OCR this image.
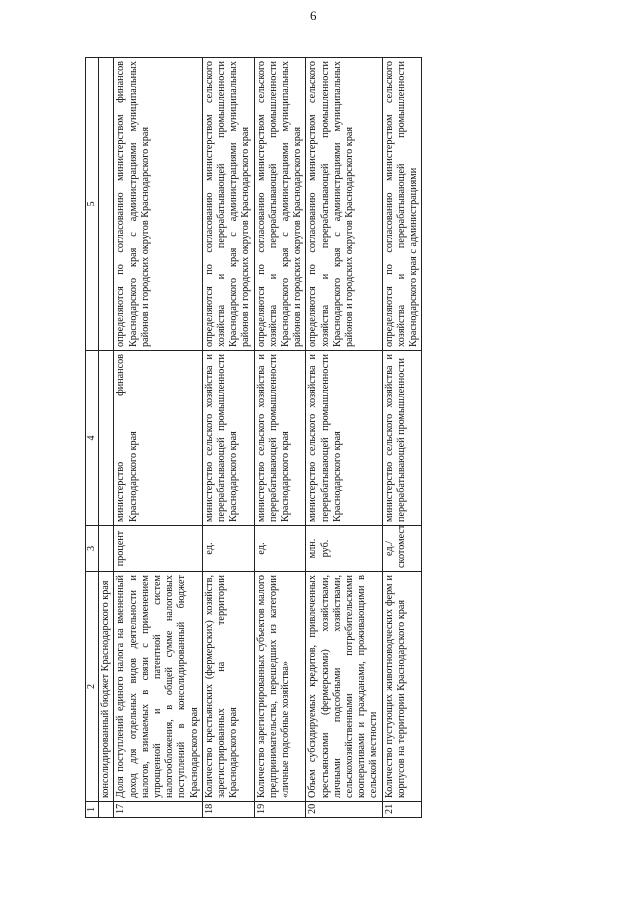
6
1	2	3	4	5
	консолидированный бюджет Краснодарского края			
17	Доля поступлений единого налога на вмененный доход для отдельных видов деятельности и налогов, взимаемых в связи с применением упрощенной и патентной систем налогообложения, в общей сумме налоговых поступлений в консолидированный бюджет Краснодарского края	процент	министерство финансов Краснодарского края	определяются по согласованию министерством финансов Краснодарского края с администрациями муниципальных районов и городских округов Краснодарского края
18	Количество крестьянских (фермерских) хозяйств, зарегистрированных на территории Краснодарского края	ед.	министерство сельского хозяйства и перерабатывающей промышленности Краснодарского края	определяются по согласованию министерством сельского хозяйства и перерабатывающей промышленности Краснодарского края с администрациями муниципальных районов и городских округов Краснодарского края
19	Количество зарегистрированных субъектов малого предпринимательства, перешедших из категории «личные подсобные хозяйства»	ед.	министерство сельского хозяйства и перерабатывающей промышленности Краснодарского края	определяются по согласованию министерством сельского хозяйства и перерабатывающей промышленности Краснодарского края с администрациями муниципальных районов и городских округов Краснодарского края
20	Объем субсидируемых кредитов, привлеченных крестьянскими (фермерскими) хозяйствами, личными подсобными хозяйствами, сельскохозяйственными потребительскими кооперативами и гражданами, проживающими в сельской местности	млн. руб.	министерство сельского хозяйства и перерабатывающей промышленности Краснодарского края	определяются по согласованию министерством сельского хозяйства и перерабатывающей промышленности Краснодарского края с администрациями муниципальных районов и городских округов Краснодарского края
21	Количество пустующих животноводческих ферм и корпусов на территории Краснодарского края	ед./ скотомест	министерство сельского хозяйства и перерабатывающей промышленности	определяются по согласованию министерством сельского хозяйства и перерабатывающей промышленности Краснодарского края с администрациями
